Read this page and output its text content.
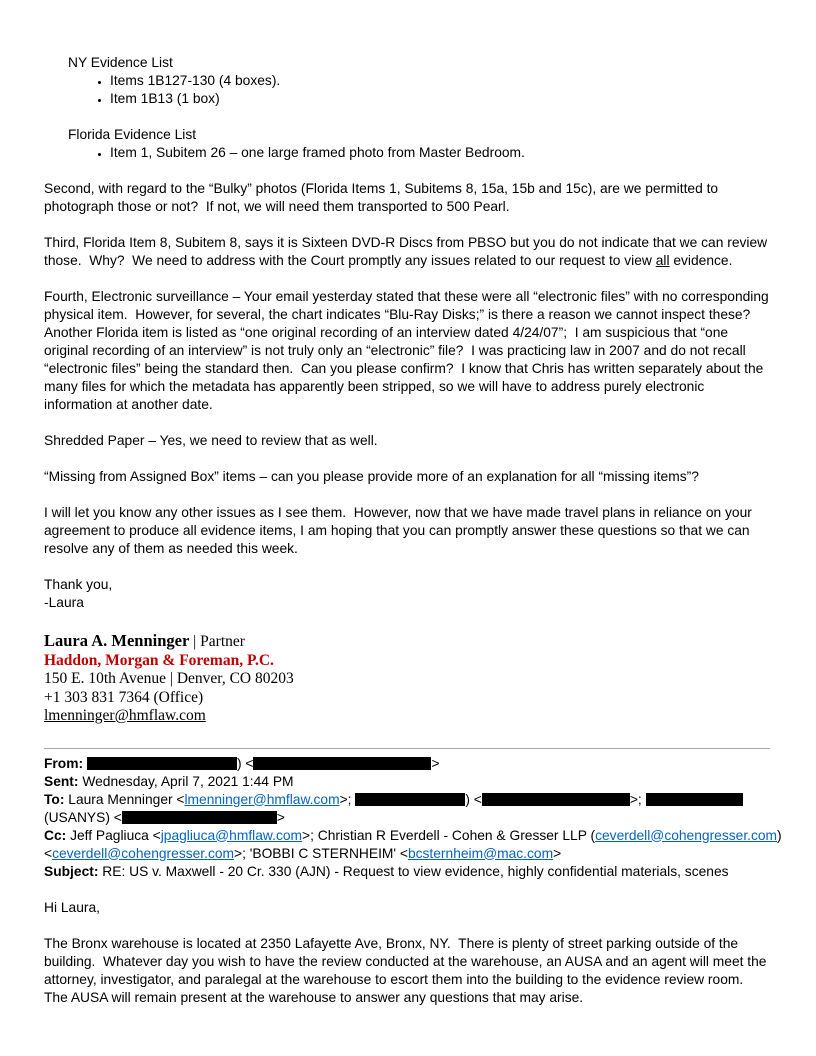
NY Evidence List
• Items 1B127-130 (4 boxes).
• Item 1B13 (1 box)
Florida Evidence List
• Item 1, Subitem 26 – one large framed photo from Master Bedroom.

Second, with regard to the “Bulky” photos (Florida Items 1, Subitems 8, 15a, 15b and 15c), are we permitted to photograph those or not?  If not, we will need them transported to 500 Pearl.

Third, Florida Item 8, Subitem 8, says it is Sixteen DVD-R Discs from PBSO but you do not indicate that we can review those.  Why?  We need to address with the Court promptly any issues related to our request to view all evidence.

Fourth, Electronic surveillance – Your email yesterday stated that these were all “electronic files” with no corresponding physical item.  However, for several, the chart indicates “Blu-Ray Disks;” is there a reason we cannot inspect these? Another Florida item is listed as “one original recording of an interview dated 4/24/07”;  I am suspicious that “one original recording of an interview” is not truly only an “electronic” file?  I was practicing law in 2007 and do not recall “electronic files” being the standard then.  Can you please confirm?  I know that Chris has written separately about the many files for which the metadata has apparently been stripped, so we will have to address purely electronic information at another date.

Shredded Paper – Yes, we need to review that as well.

“Missing from Assigned Box” items – can you please provide more of an explanation for all “missing items”?

I will let you know any other issues as I see them.  However, now that we have made travel plans in reliance on your agreement to produce all evidence items, I am hoping that you can promptly answer these questions so that we can resolve any of them as needed this week.

Thank you,
-Laura

Laura A. Menninger | Partner
Haddon, Morgan & Foreman, P.C.
150 E. 10th Avenue | Denver, CO 80203
+1 303 831 7364 (Office)
lmenninger@hmflaw.com
From:	) <	>
Sent: Wednesday, April 7, 2021 1:44 PM
To: Laura Menninger <lmenninger@hmflaw.com>;	) <	>;
(USANYS) <	>
Cc: Jeff Pagliuca <jpagliuca@hmflaw.com>; Christian R Everdell - Cohen & Gresser LLP (ceverdell@cohengresser.com)
<ceverdell@cohengresser.com>; 'BOBBI C STERNHEIM' <bcsternheim@mac.com>
Subject: RE: US v. Maxwell - 20 Cr. 330 (AJN) - Request to view evidence, highly confidential materials, scenes

Hi Laura,

The Bronx warehouse is located at 2350 Lafayette Ave, Bronx, NY.  There is plenty of street parking outside of the building.  Whatever day you wish to have the review conducted at the warehouse, an AUSA and an agent will meet the attorney, investigator, and paralegal at the warehouse to escort them into the building to the evidence review room.  The AUSA will remain present at the warehouse to answer any questions that may arise.
